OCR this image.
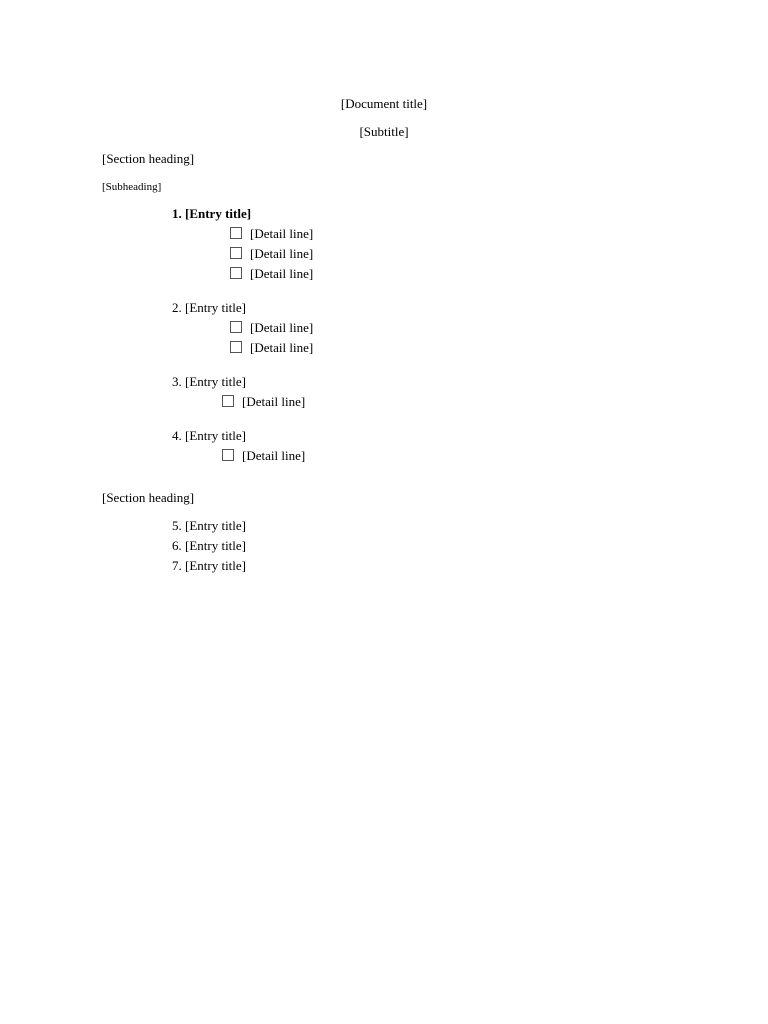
[Document title]
[Subtitle]
[Section heading]
[Subheading]
1. [Entry title]
[Detail line]
[Detail line]
[Detail line]
2. [Entry title]
[Detail line]
[Detail line]
3. [Entry title]
[Detail line]
4. [Entry title]
[Detail line]
[Section heading]
5. [Entry title]
6. [Entry title]
7. [Entry title]
